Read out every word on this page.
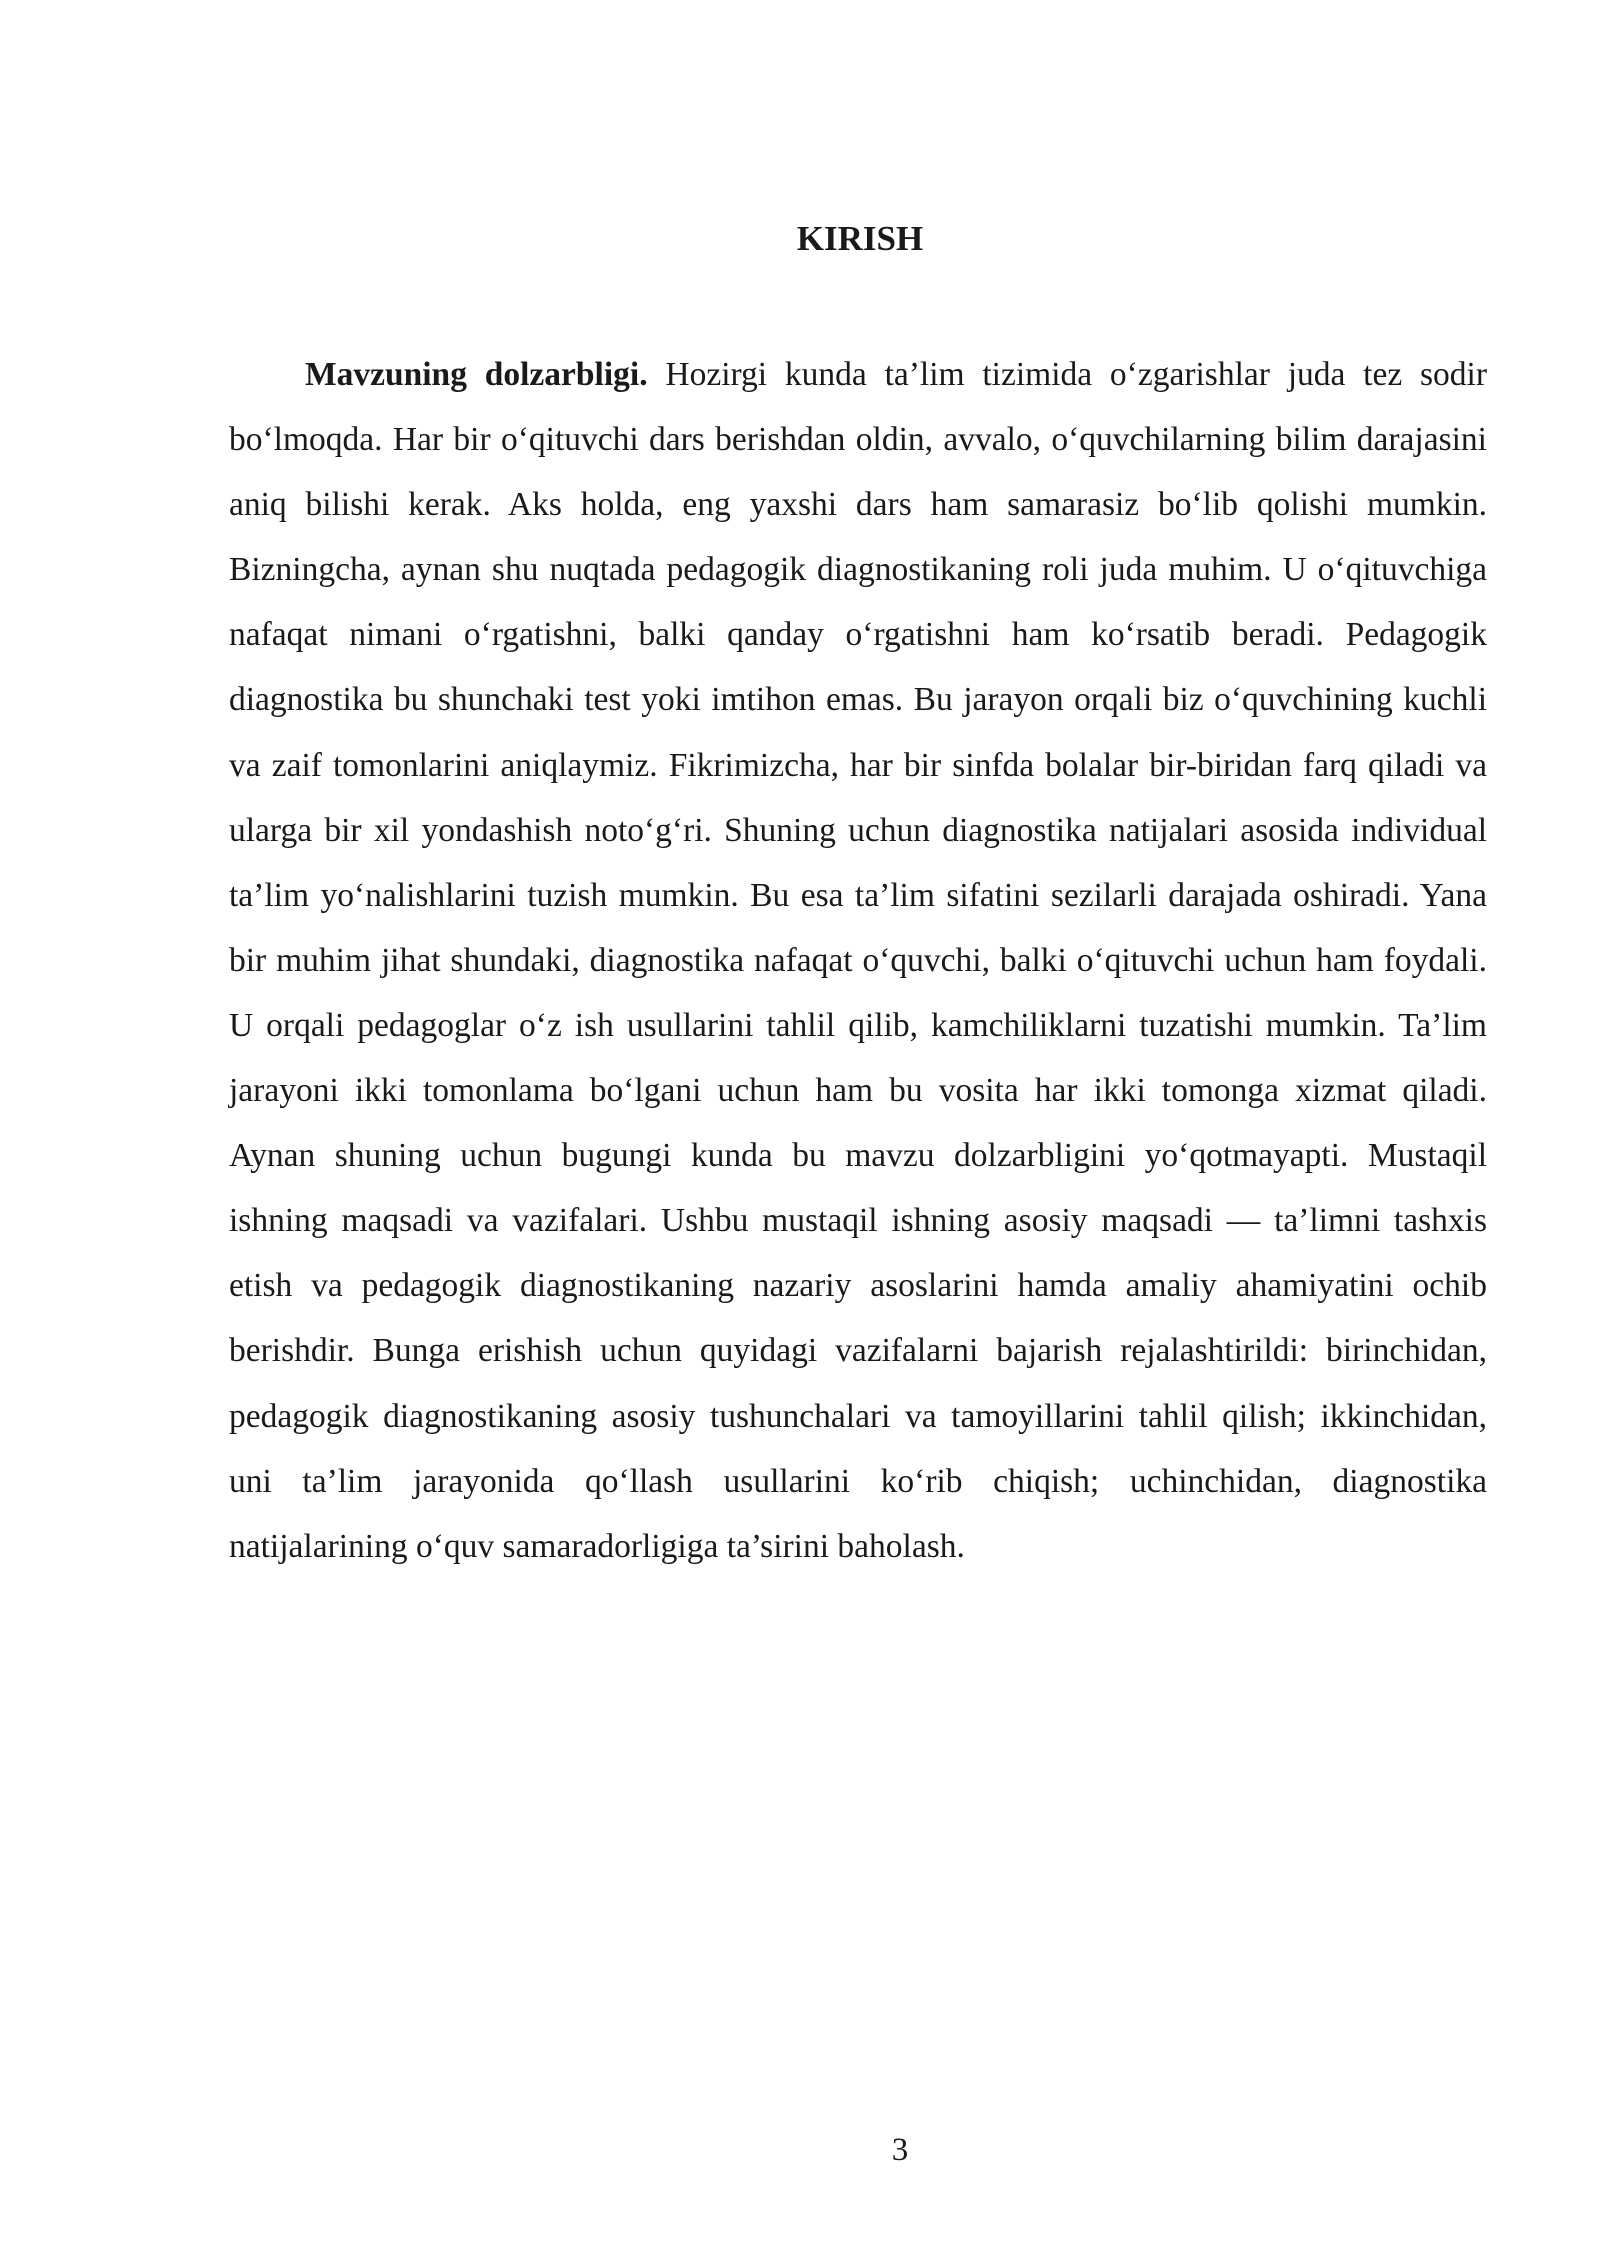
KIRISH

Mavzuning dolzarbligi. Hozirgi kunda ta’lim tizimida o‘zgarishlar juda tez sodir bo‘lmoqda. Har bir o‘qituvchi dars berishdan oldin, avvalo, o‘quvchilarning bilim darajasini aniq bilishi kerak. Aks holda, eng yaxshi dars ham samarasiz bo‘lib qolishi mumkin. Bizningcha, aynan shu nuqtada pedagogik diagnostikaning roli juda muhim. U o‘qituvchiga nafaqat nimani o‘rgatishni, balki qanday o‘rgatishni ham ko‘rsatib beradi. Pedagogik diagnostika bu shunchaki test yoki imtihon emas. Bu jarayon orqali biz o‘quvchining kuchli va zaif tomonlarini aniqlaymiz. Fikrimizcha, har bir sinfda bolalar bir-biridan farq qiladi va ularga bir xil yondashish noto‘g‘ri. Shuning uchun diagnostika natijalari asosida individual ta’lim yo‘nalishlarini tuzish mumkin. Bu esa ta’lim sifatini sezilarli darajada oshiradi. Yana bir muhim jihat shundaki, diagnostika nafaqat o‘quvchi, balki o‘qituvchi uchun ham foydali. U orqali pedagoglar o‘z ish usullarini tahlil qilib, kamchiliklarni tuzatishi mumkin. Ta’lim jarayoni ikki tomonlama bo‘lgani uchun ham bu vosita har ikki tomonga xizmat qiladi. Aynan shuning uchun bugungi kunda bu mavzu dolzarbligini yo‘qotmayapti. Mustaqil ishning maqsadi va vazifalari. Ushbu mustaqil ishning asosiy maqsadi — ta’limni tashxis etish va pedagogik diagnostikaning nazariy asoslarini hamda amaliy ahamiyatini ochib berishdir. Bunga erishish uchun quyidagi vazifalarni bajarish rejalashtirildi: birinchidan, pedagogik diagnostikaning asosiy tushunchalari va tamoyillarini tahlil qilish; ikkinchidan, uni ta’lim jarayonida qo‘llash usullarini ko‘rib chiqish; uchinchidan, diagnostika natijalarining o‘quv samaradorligiga ta’sirini baholash.

3
